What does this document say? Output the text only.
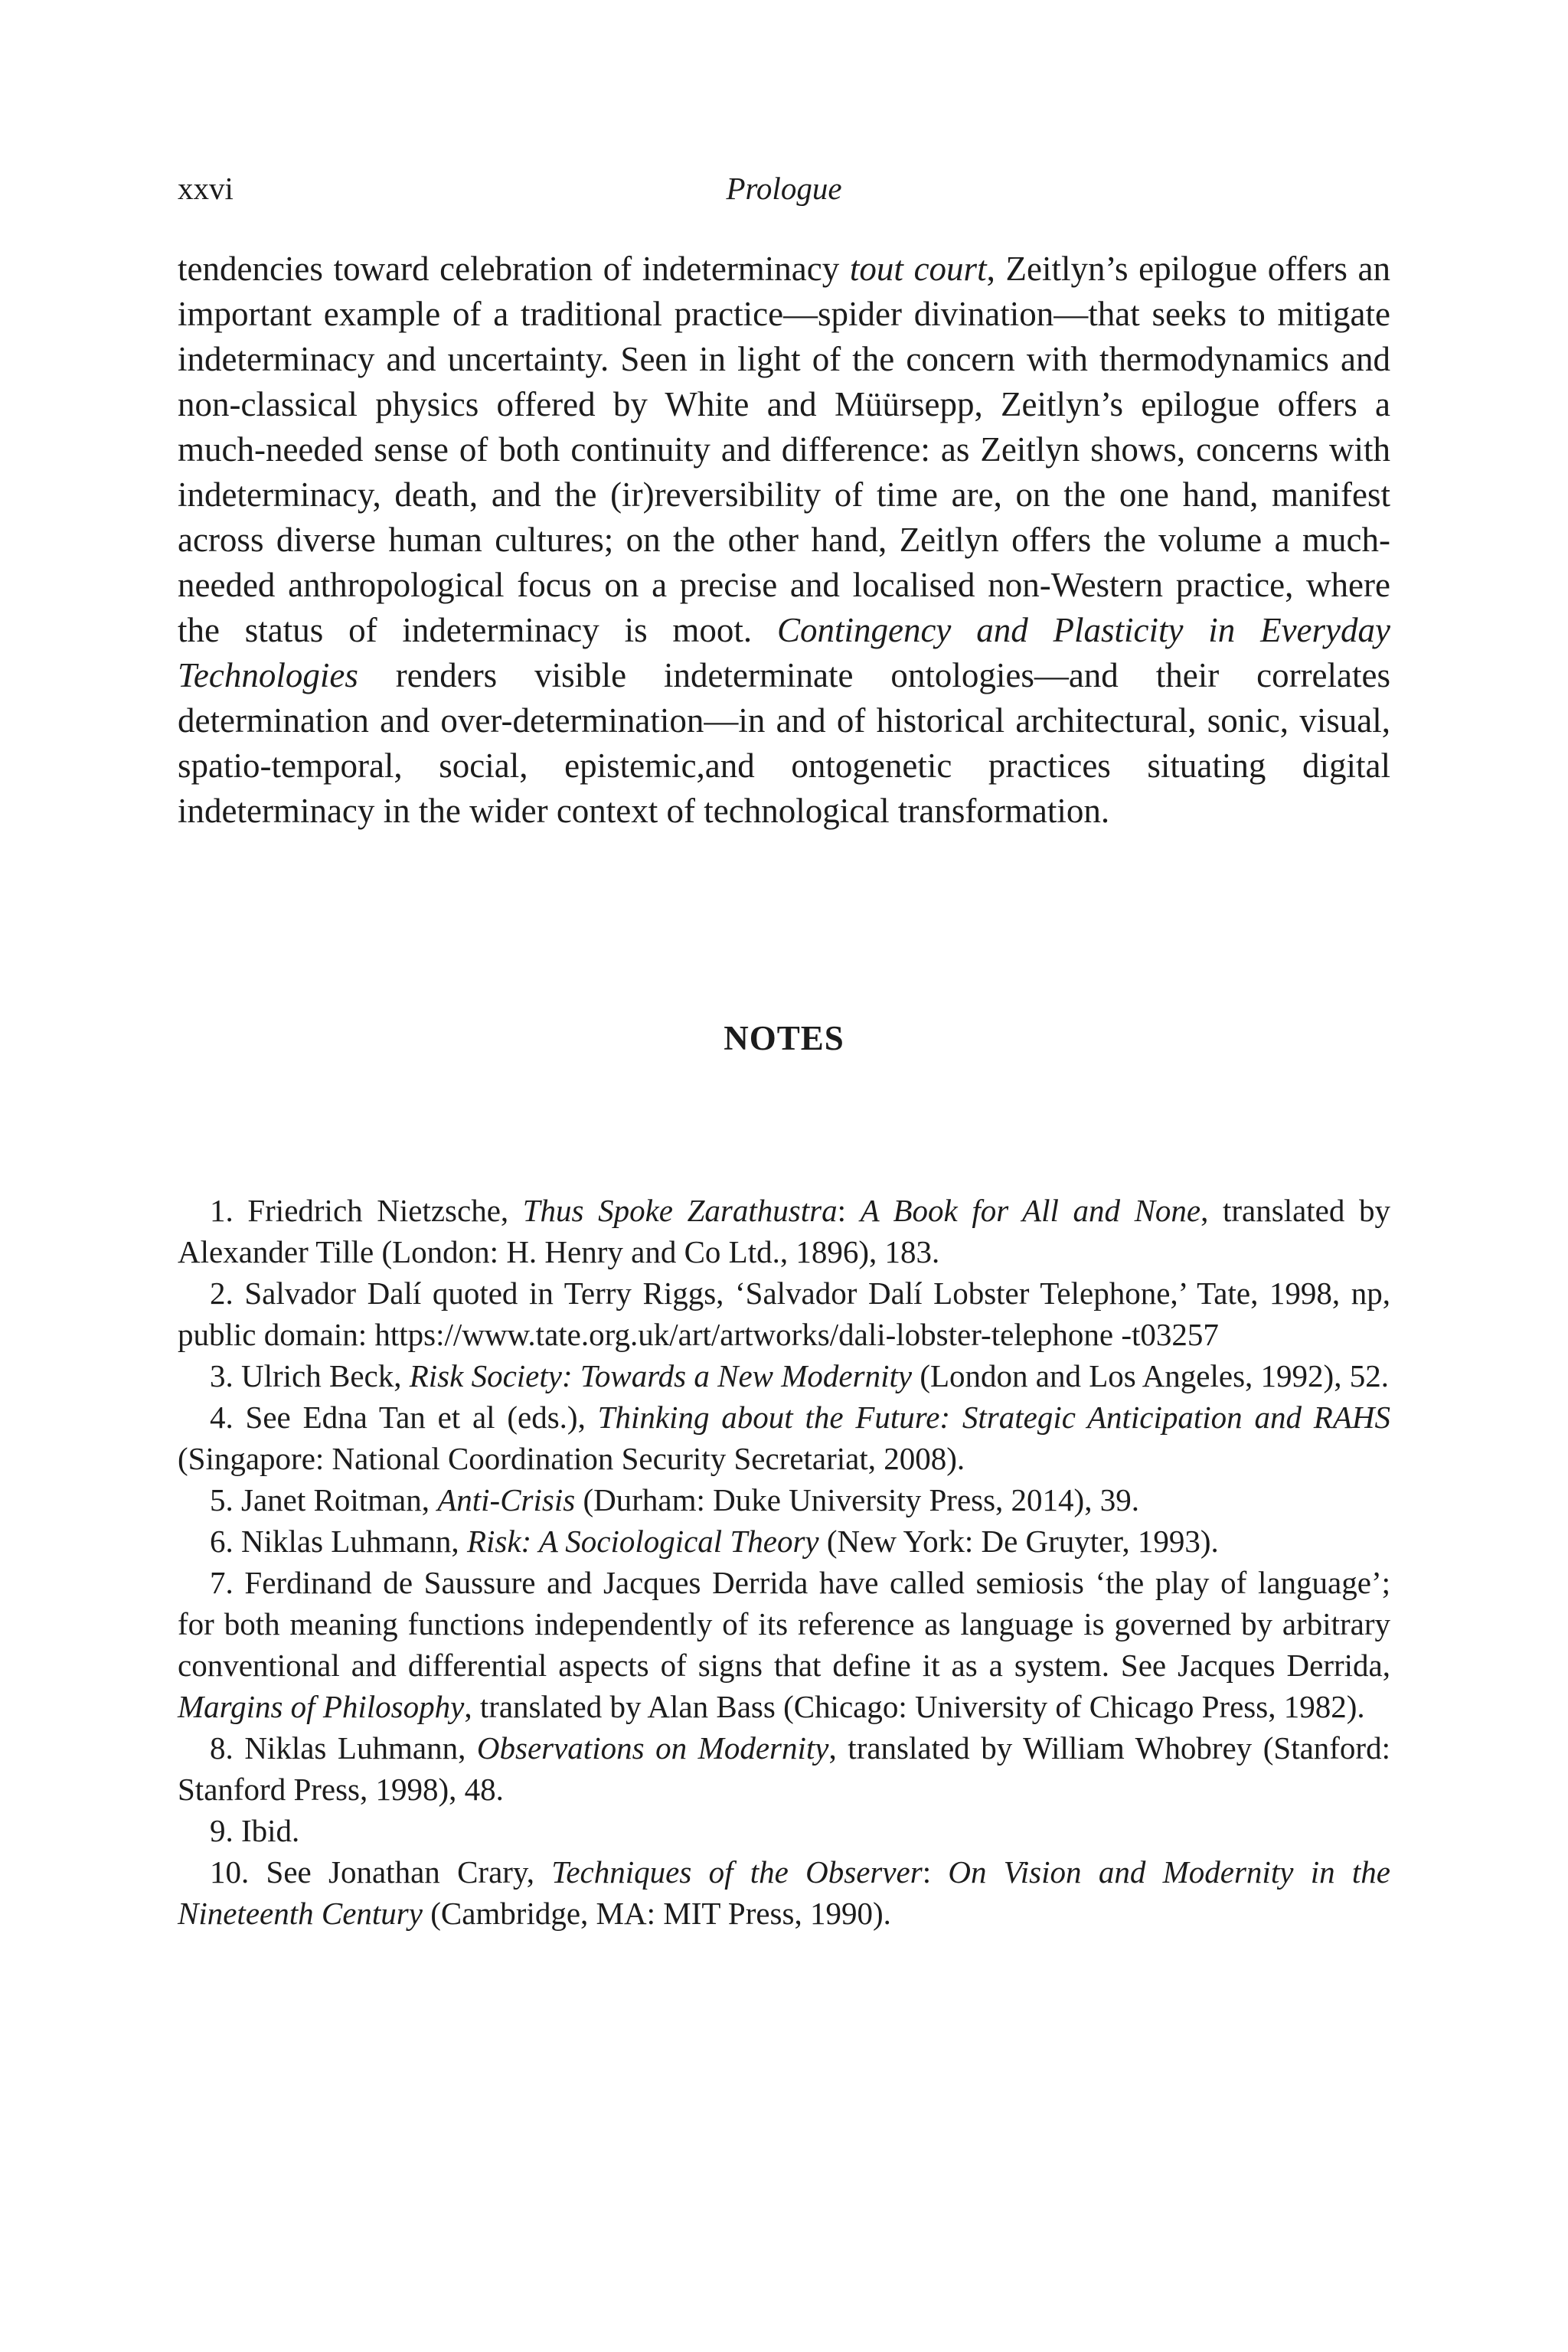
xxvi	Prologue

tendencies toward celebration of indeterminacy tout court, Zeitlyn’s epilogue offers an important example of a traditional practice—spider divination—that seeks to mitigate indeterminacy and uncertainty. Seen in light of the concern with thermodynamics and non-classical physics offered by White and Müürsepp, Zeitlyn’s epilogue offers a much-needed sense of both continuity and difference: as Zeitlyn shows, concerns with indeterminacy, death, and the (ir)reversibility of time are, on the one hand, manifest across diverse human cultures; on the other hand, Zeitlyn offers the volume a much-needed anthropological focus on a precise and localised non-Western practice, where the status of indeterminacy is moot. Contingency and Plasticity in Everyday Technologies renders visible indeterminate ontologies—and their correlates determination and over-determination—in and of historical architectural, sonic, visual, spatio-temporal, social, epistemic,and ontogenetic practices situating digital indeterminacy in the wider context of technological transformation.

NOTES
1. Friedrich Nietzsche, Thus Spoke Zarathustra: A Book for All and None, translated by Alexander Tille (London: H. Henry and Co Ltd., 1896), 183.
2. Salvador Dalí quoted in Terry Riggs, ‘Salvador Dalí Lobster Telephone,’ Tate, 1998, np, public domain: https://www.tate.org.uk/art/artworks/dali-lobster-telephone -t03257
3. Ulrich Beck, Risk Society: Towards a New Modernity (London and Los Angeles, 1992), 52.
4. See Edna Tan et al (eds.), Thinking about the Future: Strategic Anticipation and RAHS (Singapore: National Coordination Security Secretariat, 2008).
5. Janet Roitman, Anti-Crisis (Durham: Duke University Press, 2014), 39.
6. Niklas Luhmann, Risk: A Sociological Theory (New York: De Gruyter, 1993).
7. Ferdinand de Saussure and Jacques Derrida have called semiosis ‘the play of language’; for both meaning functions independently of its reference as language is governed by arbitrary conventional and differential aspects of signs that define it as a system. See Jacques Derrida, Margins of Philosophy, translated by Alan Bass (Chicago: University of Chicago Press, 1982).
8. Niklas Luhmann, Observations on Modernity, translated by William Whobrey (Stanford: Stanford Press, 1998), 48.
9. Ibid.
10. See Jonathan Crary, Techniques of the Observer: On Vision and Modernity in the Nineteenth Century (Cambridge, MA: MIT Press, 1990).
